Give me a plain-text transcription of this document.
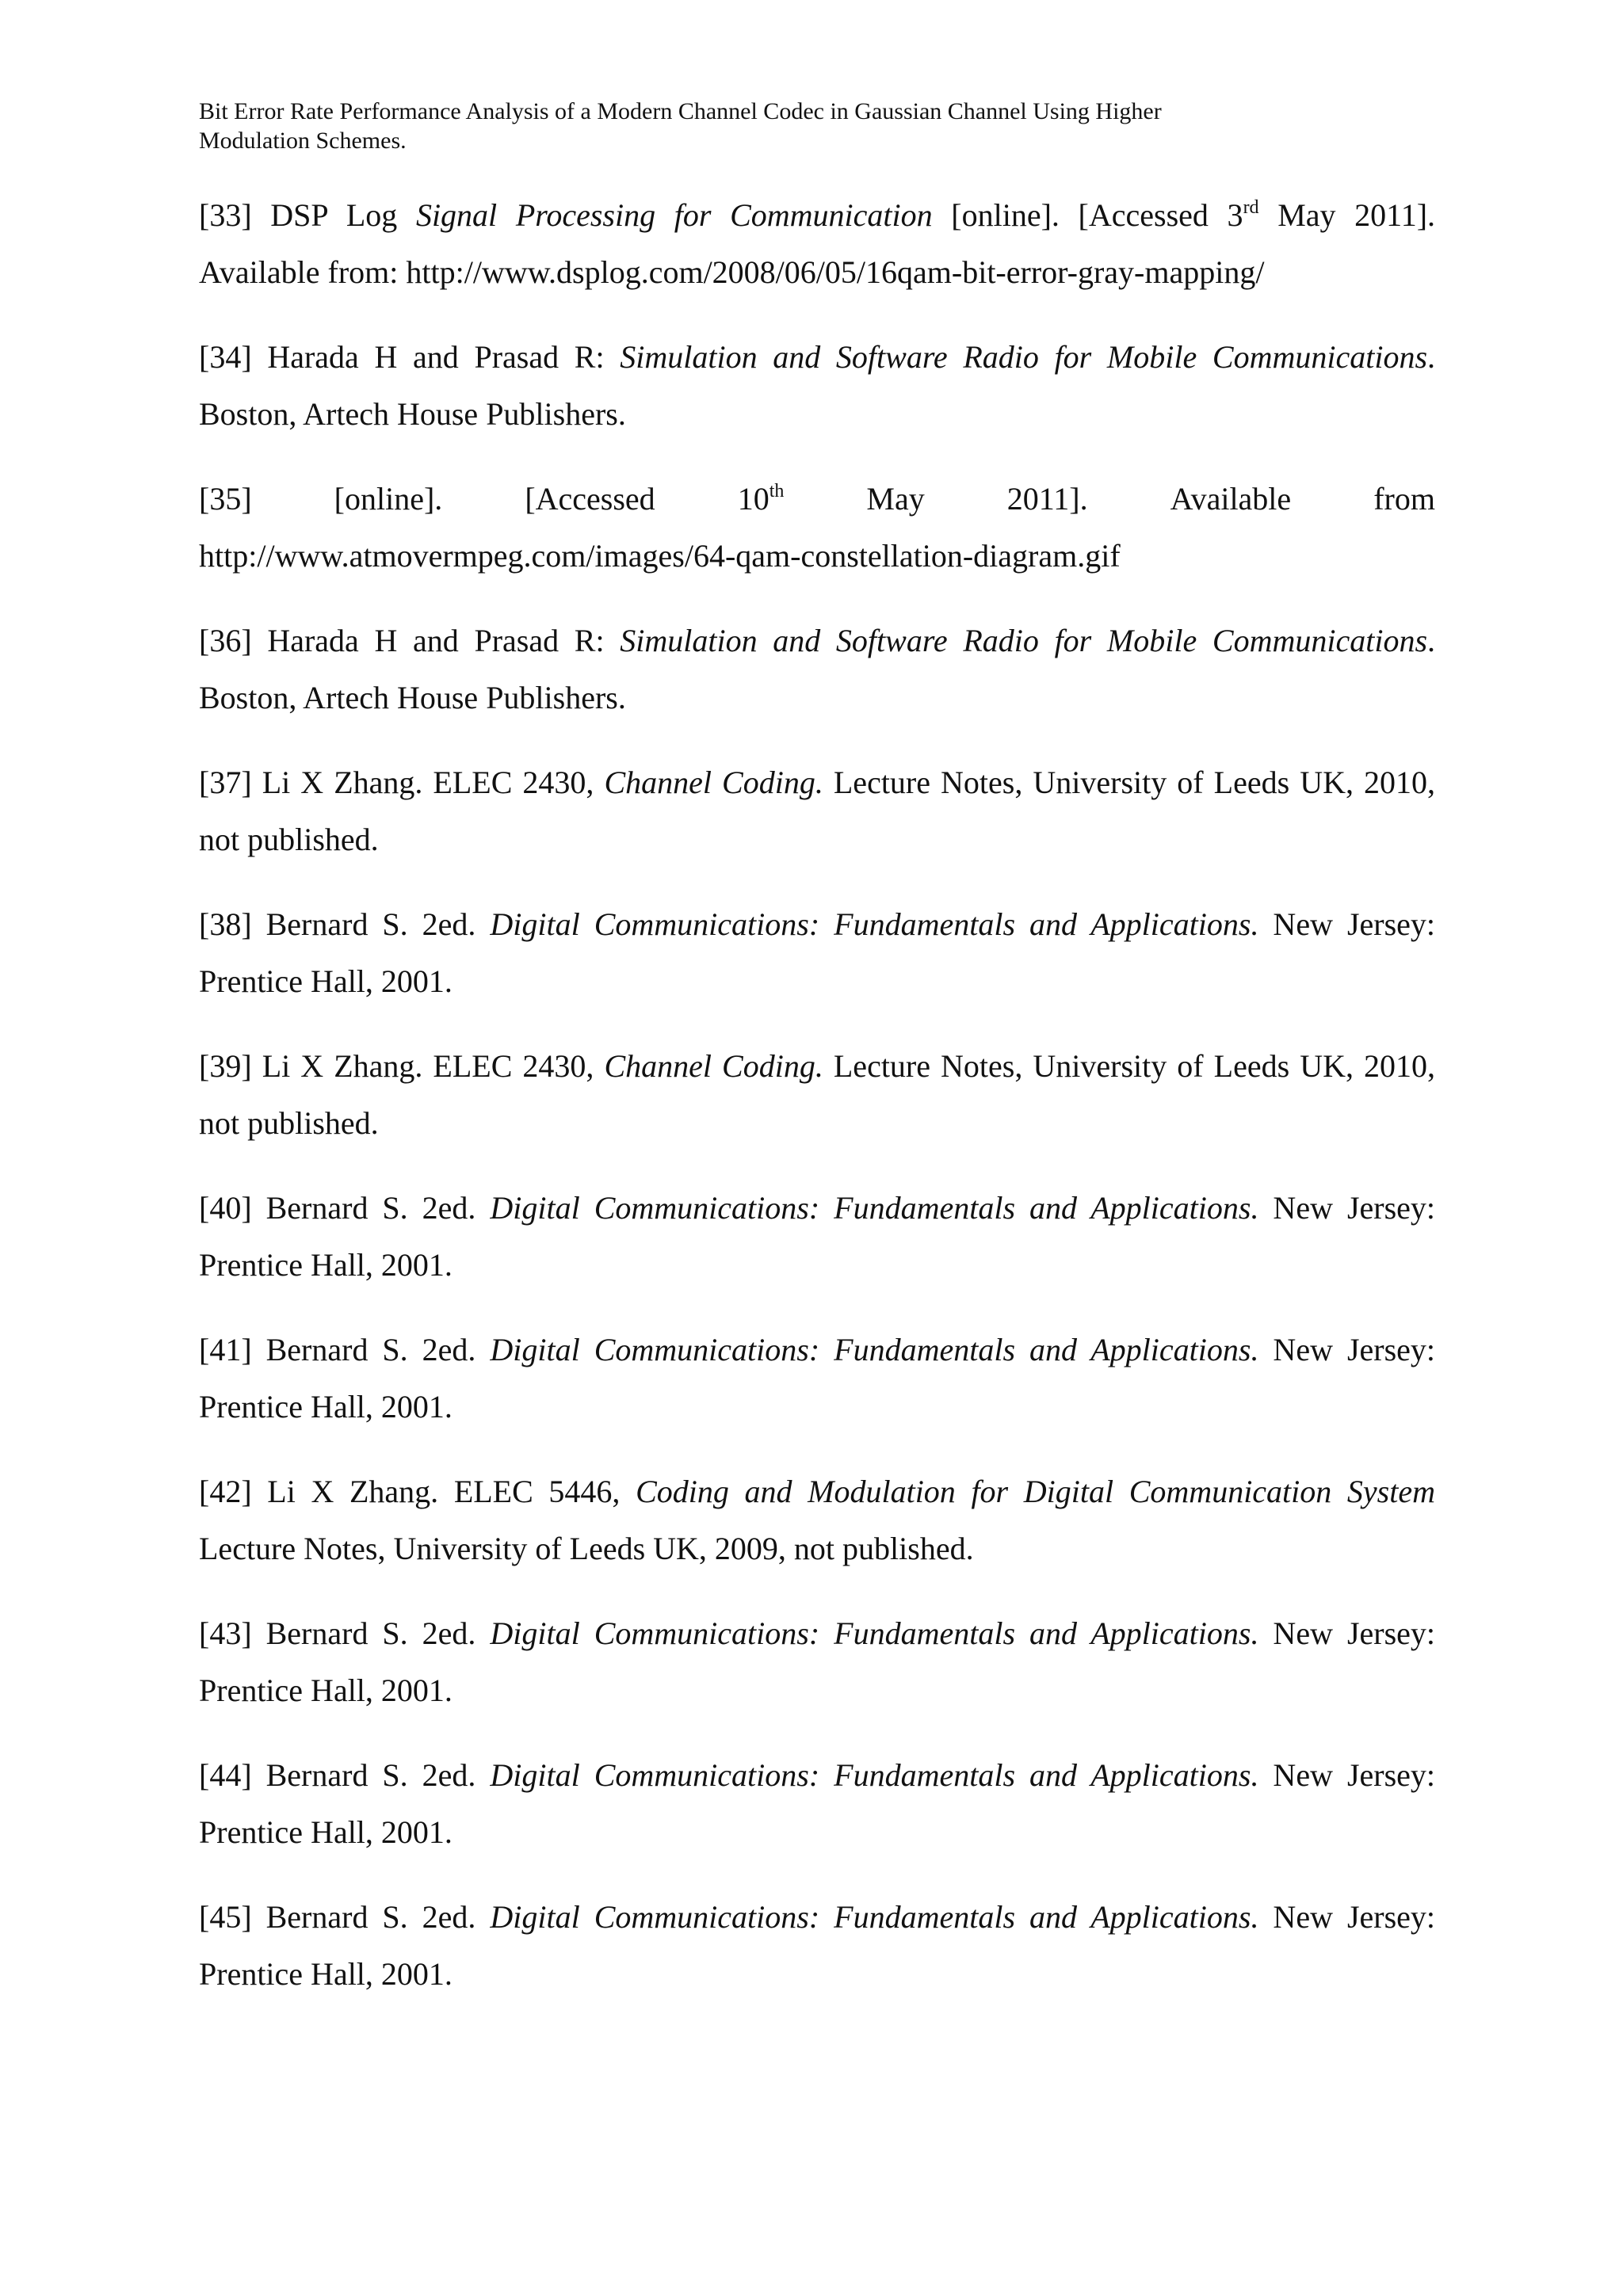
Bit Error Rate Performance Analysis of a Modern Channel Codec in Gaussian Channel Using Higher
Modulation Schemes.

[33] DSP Log Signal Processing for Communication [online]. [Accessed 3rd May 2011]. Available from: http://www.dsplog.com/2008/06/05/16qam-bit-error-gray-mapping/

[34] Harada H and Prasad R: Simulation and Software Radio for Mobile Communications. Boston, Artech House Publishers.

[35]	[online].	[Accessed	10th	May	2011].	Available	from
http://www.atmovermpeg.com/images/64-qam-constellation-diagram.gif

[36] Harada H and Prasad R: Simulation and Software Radio for Mobile Communications. Boston, Artech House Publishers.

[37] Li X Zhang. ELEC 2430, Channel Coding. Lecture Notes, University of Leeds UK, 2010, not published.

[38] Bernard S. 2ed. Digital Communications: Fundamentals and Applications. New Jersey: Prentice Hall, 2001.

[39] Li X Zhang. ELEC 2430, Channel Coding. Lecture Notes, University of Leeds UK, 2010, not published.

[40] Bernard S. 2ed. Digital Communications: Fundamentals and Applications. New Jersey: Prentice Hall, 2001.

[41] Bernard S. 2ed. Digital Communications: Fundamentals and Applications. New Jersey: Prentice Hall, 2001.

[42] Li X Zhang. ELEC 5446, Coding and Modulation for Digital Communication System Lecture Notes, University of Leeds UK, 2009, not published.

[43] Bernard S. 2ed. Digital Communications: Fundamentals and Applications. New Jersey: Prentice Hall, 2001.

[44] Bernard S. 2ed. Digital Communications: Fundamentals and Applications. New Jersey: Prentice Hall, 2001.

[45] Bernard S. 2ed. Digital Communications: Fundamentals and Applications. New Jersey: Prentice Hall, 2001.
